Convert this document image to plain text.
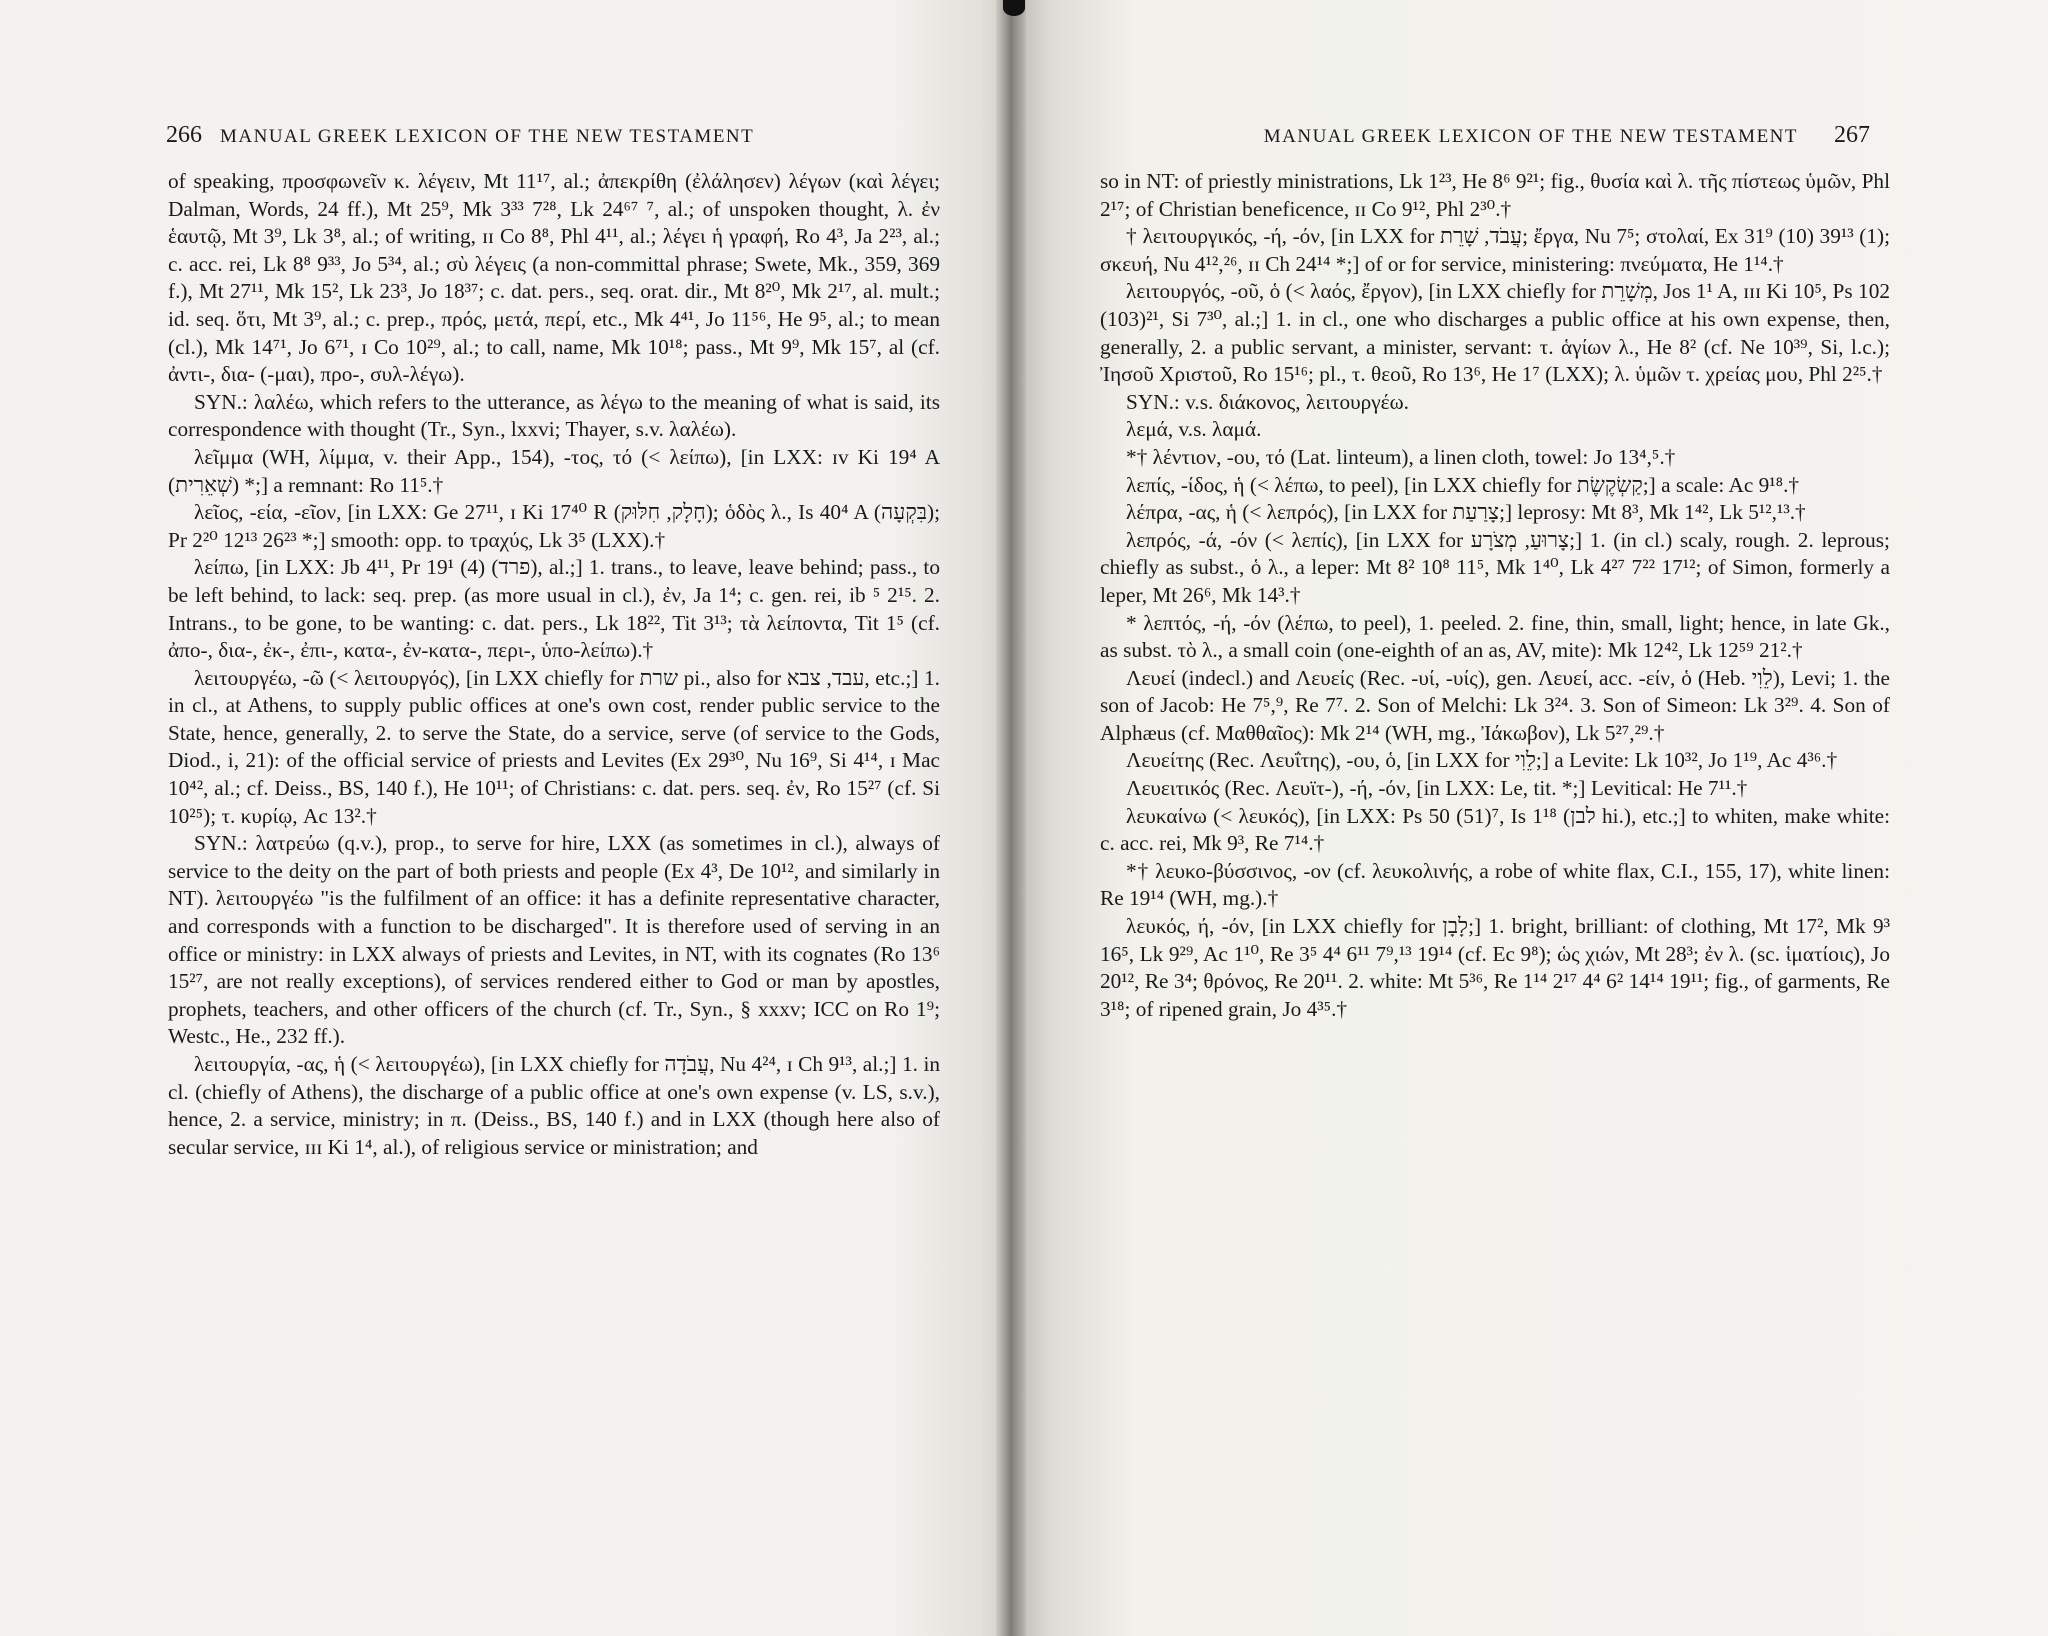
266 MANUAL GREEK LEXICON OF THE NEW TESTAMENT

of speaking, προσφωνεῖν κ. λέγειν, Mt 11¹⁷, al.; ἀπεκρίθη (ἐλάλησεν) λέγων (καὶ λέγει; Dalman, Words, 24 ff.), Mt 25⁹, Mk 3³³ 7²⁸, Lk 24⁶⁷ ⁷, al.; of unspoken thought, λ. ἐν ἑαυτῷ, Mt 3⁹, Lk 3⁸, al.; of writing, ɪɪ Co 8⁸, Phl 4¹¹, al.; λέγει ἡ γραφή, Ro 4³, Ja 2²³, al.; c. acc. rei, Lk 8⁸ 9³³, Jo 5³⁴, al.; σὺ λέγεις (a non-committal phrase; Swete, Mk., 359, 369 f.), Mt 27¹¹, Mk 15², Lk 23³, Jo 18³⁷; c. dat. pers., seq. orat. dir., Mt 8²⁰, Mk 2¹⁷, al. mult.; id. seq. ὅτι, Mt 3⁹, al.; c. prep., πρός, μετά, περί, etc., Mk 4⁴¹, Jo 11⁵⁶, He 9⁵, al.; to mean (cl.), Mk 14⁷¹, Jo 6⁷¹, ɪ Co 10²⁹, al.; to call, name, Mk 10¹⁸; pass., Mt 9⁹, Mk 15⁷, al (cf. ἀντι-, δια- (-μαι), προ-, συλ-λέγω).

SYN.: λαλέω, which refers to the utterance, as λέγω to the meaning of what is said, its correspondence with thought (Tr., Syn., lxxvi; Thayer, s.v. λαλέω).

λεῖμμα (WH, λίμμα, v. their App., 154), -τος, τό (< λείπω), [in LXX: ɪv Ki 19⁴ A (שְׁאֵרִית) *;] a remnant: Ro 11⁵.†

λεῖος, -εία, -εῖον, [in LXX: Ge 27¹¹, ɪ Ki 17⁴⁰ R (חָלָק, חִלּוּק); ὁδὸς λ., Is 40⁴ A (בִּקְעָה); Pr 2²⁰ 12¹³ 26²³ *;] smooth: opp. to τραχύς, Lk 3⁵ (LXX).†

λείπω, [in LXX: Jb 4¹¹, Pr 19¹ (4) (פרד), al.;] 1. trans., to leave, leave behind; pass., to be left behind, to lack: seq. prep. (as more usual in cl.), ἐν, Ja 1⁴; c. gen. rei, ib ⁵ 2¹⁵. 2. Intrans., to be gone, to be wanting: c. dat. pers., Lk 18²², Tit 3¹³; τὰ λείποντα, Tit 1⁵ (cf. ἀπο-, δια-, ἐκ-, ἐπι-, κατα-, ἐν-κατα-, περι-, ὑπο-λείπω).†

λειτουργέω, -ῶ (< λειτουργός), [in LXX chiefly for שרת pi., also for עבד, צבא, etc.;] 1. in cl., at Athens, to supply public offices at one's own cost, render public service to the State, hence, generally, 2. to serve the State, do a service, serve (of service to the Gods, Diod., i, 21): of the official service of priests and Levites (Ex 29³⁰, Nu 16⁹, Si 4¹⁴, ɪ Mac 10⁴², al.; cf. Deiss., BS, 140 f.), He 10¹¹; of Christians: c. dat. pers. seq. ἐν, Ro 15²⁷ (cf. Si 10²⁵); τ. κυρίῳ, Ac 13².†

SYN.: λατρεύω (q.v.), prop., to serve for hire, LXX (as sometimes in cl.), always of service to the deity on the part of both priests and people (Ex 4³, De 10¹², and similarly in NT). λειτουργέω "is the fulfilment of an office: it has a definite representative character, and corresponds with a function to be discharged". It is therefore used of serving in an office or ministry: in LXX always of priests and Levites, in NT, with its cognates (Ro 13⁶ 15²⁷, are not really exceptions), of services rendered either to God or man by apostles, prophets, teachers, and other officers of the church (cf. Tr., Syn., § xxxv; ICC on Ro 1⁹; Westc., He., 232 ff.).

λειτουργία, -ας, ἡ (< λειτουργέω), [in LXX chiefly for עֲבֹדָה, Nu 4²⁴, ɪ Ch 9¹³, al.;] 1. in cl. (chiefly of Athens), the discharge of a public office at one's own expense (v. LS, s.v.), hence, 2. a service, ministry; in π. (Deiss., BS, 140 f.) and in LXX (though here also of secular service, ɪɪɪ Ki 1⁴, al.), of religious service or ministration; and

MANUAL GREEK LEXICON OF THE NEW TESTAMENT 267

so in NT: of priestly ministrations, Lk 1²³, He 8⁶ 9²¹; fig., θυσία καὶ λ. τῆς πίστεως ὑμῶν, Phl 2¹⁷; of Christian beneficence, ɪɪ Co 9¹², Phl 2³⁰.†

† λειτουργικός, -ή, -όν, [in LXX for עֲבֹד, שָׁרֵת; ἔργα, Nu 7⁵; στολαί, Ex 31⁹ (10) 39¹³ (1); σκευή, Nu 4¹²,²⁶, ɪɪ Ch 24¹⁴ *;] of or for service, ministering: πνεύματα, He 1¹⁴.†

λειτουργός, -οῦ, ὁ (< λαός, ἔργον), [in LXX chiefly for מְשָׁרֵת, Jos 1¹ A, ɪɪɪ Ki 10⁵, Ps 102 (103)²¹, Si 7³⁰, al.;] 1. in cl., one who discharges a public office at his own expense, then, generally, 2. a public servant, a minister, servant: τ. ἁγίων λ., He 8² (cf. Ne 10³⁹, Si, l.c.); Ἰησοῦ Χριστοῦ, Ro 15¹⁶; pl., τ. θεοῦ, Ro 13⁶, He 1⁷ (LXX); λ. ὑμῶν τ. χρείας μου, Phl 2²⁵.†

SYN.: v.s. διάκονος, λειτουργέω.

λεμά, v.s. λαμά.

*† λέντιον, -ου, τό (Lat. linteum), a linen cloth, towel: Jo 13⁴,⁵.†

λεπίς, -ίδος, ἡ (< λέπω, to peel), [in LXX chiefly for קַשְׂקֶשֶׂת;] a scale: Ac 9¹⁸.†

λέπρα, -ας, ἡ (< λεπρός), [in LXX for צָרַעַת;] leprosy: Mt 8³, Mk 1⁴², Lk 5¹²,¹³.†

λεπρός, -ά, -όν (< λεπίς), [in LXX for צָרוּעַ, מְצֹרָע;] 1. (in cl.) scaly, rough. 2. leprous; chiefly as subst., ὁ λ., a leper: Mt 8² 10⁸ 11⁵, Mk 1⁴⁰, Lk 4²⁷ 7²² 17¹²; of Simon, formerly a leper, Mt 26⁶, Mk 14³.†

* λεπτός, -ή, -όν (λέπω, to peel), 1. peeled. 2. fine, thin, small, light; hence, in late Gk., as subst. τὸ λ., a small coin (one-eighth of an as, AV, mite): Mk 12⁴², Lk 12⁵⁹ 21².†

Λευεί (indecl.) and Λευείς (Rec. -υί, -υίς), gen. Λευεί, acc. -είν, ὁ (Heb. לֵוִי), Levi; 1. the son of Jacob: He 7⁵,⁹, Re 7⁷. 2. Son of Melchi: Lk 3²⁴. 3. Son of Simeon: Lk 3²⁹. 4. Son of Alphæus (cf. Μαθθαῖος): Mk 2¹⁴ (WH, mg., Ἰάκωβον), Lk 5²⁷,²⁹.†

Λευείτης (Rec. Λευΐτης), -ου, ὁ, [in LXX for לֵוִי;] a Levite: Lk 10³², Jo 1¹⁹, Ac 4³⁶.†

Λευειτικός (Rec. Λευϊτ-), -ή, -όν, [in LXX: Le, tit. *;] Levitical: He 7¹¹.†

λευκαίνω (< λευκός), [in LXX: Ps 50 (51)⁷, Is 1¹⁸ (לבן hi.), etc.;] to whiten, make white: c. acc. rei, Mk 9³, Re 7¹⁴.†

*† λευκο-βύσσινος, -ον (cf. λευκολινής, a robe of white flax, C.I., 155, 17), white linen: Re 19¹⁴ (WH, mg.).†

λευκός, ή, -όν, [in LXX chiefly for לָבָן;] 1. bright, brilliant: of clothing, Mt 17², Mk 9³ 16⁵, Lk 9²⁹, Ac 1¹⁰, Re 3⁵ 4⁴ 6¹¹ 7⁹,¹³ 19¹⁴ (cf. Ec 9⁸); ὡς χιών, Mt 28³; ἐν λ. (sc. ἱματίοις), Jo 20¹², Re 3⁴; θρόνος, Re 20¹¹. 2. white: Mt 5³⁶, Re 1¹⁴ 2¹⁷ 4⁴ 6² 14¹⁴ 19¹¹; fig., of garments, Re 3¹⁸; of ripened grain, Jo 4³⁵.†
